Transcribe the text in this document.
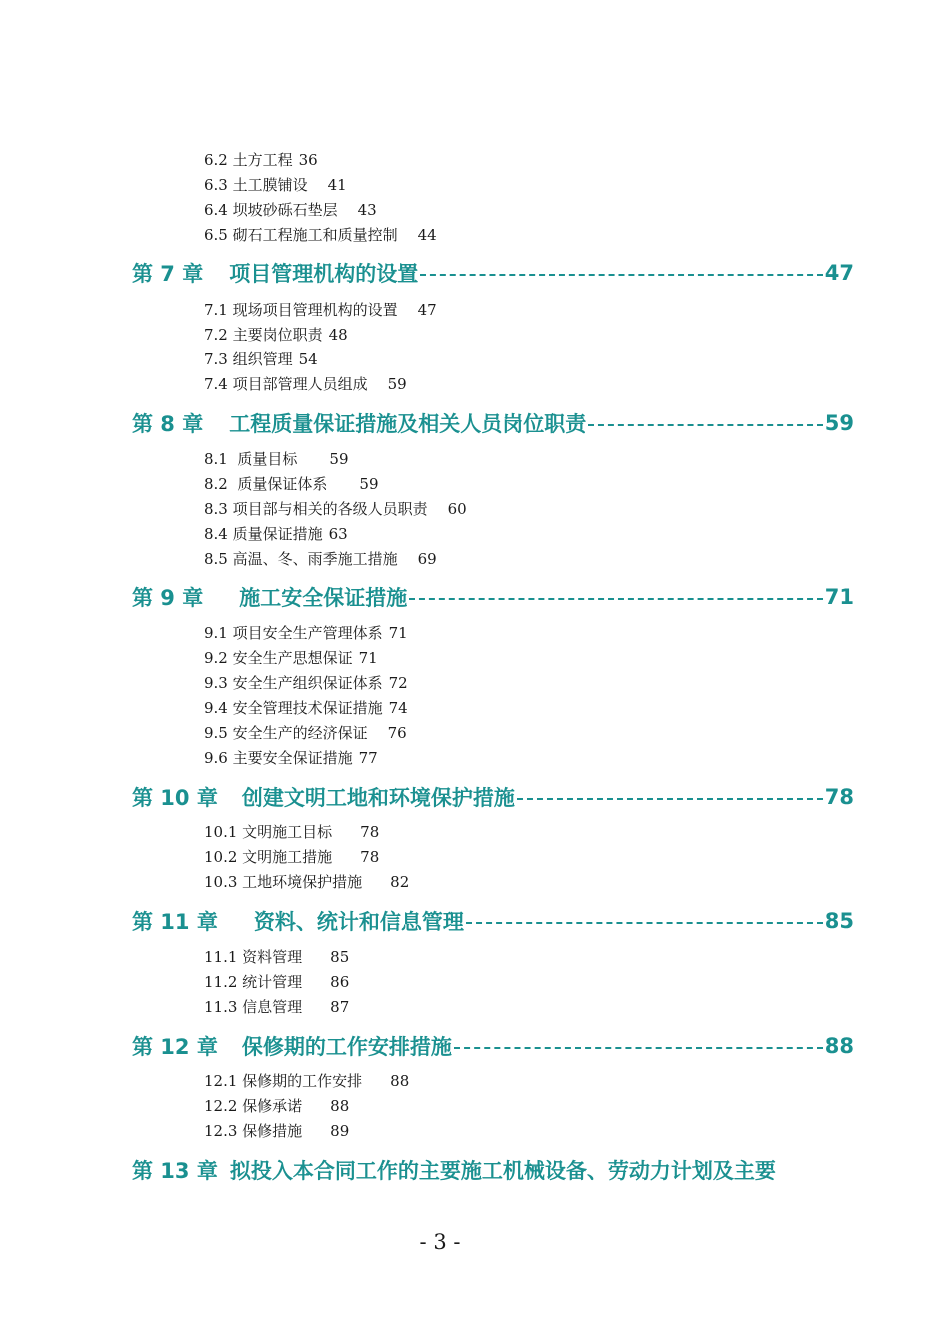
6.2 土方工程 36
6.3 土工膜铺设 41
6.4 坝坡砂砾石垫层 43
6.5 砌石工程施工和质量控制 44
第 7 章 项目管理机构的设置	47
7.1 现场项目管理机构的设置 47
7.2 主要岗位职责 48
7.3 组织管理 54
7.4 项目部管理人员组成 59
第 8 章 工程质量保证措施及相关人员岗位职责	59
8.1  质量目标 59
8.2  质量保证体系 59
8.3 项目部与相关的各级人员职责 60
8.4 质量保证措施 63
8.5 高温、冬、雨季施工措施 69
第 9 章 施工安全保证措施	71
9.1 项目安全生产管理体系 71
9.2 安全生产思想保证 71
9.3 安全生产组织保证体系 72
9.4 安全管理技术保证措施 74
9.5 安全生产的经济保证 76
9.6 主要安全保证措施 77
第 10 章 创建文明工地和环境保护措施	78
10.1 文明施工目标 78
10.2 文明施工措施 78
10.3 工地环境保护措施 82
第 11 章 资料、统计和信息管理	85
11.1 资料管理 85
11.2 统计管理 86
11.3 信息管理 87
第 12 章 保修期的工作安排措施	88
12.1 保修期的工作安排 88
12.2 保修承诺 88
12.3 保修措施 89
第 13 章 拟投入本合同工作的主要施工机械设备、劳动力计划及主要
- 3 -
